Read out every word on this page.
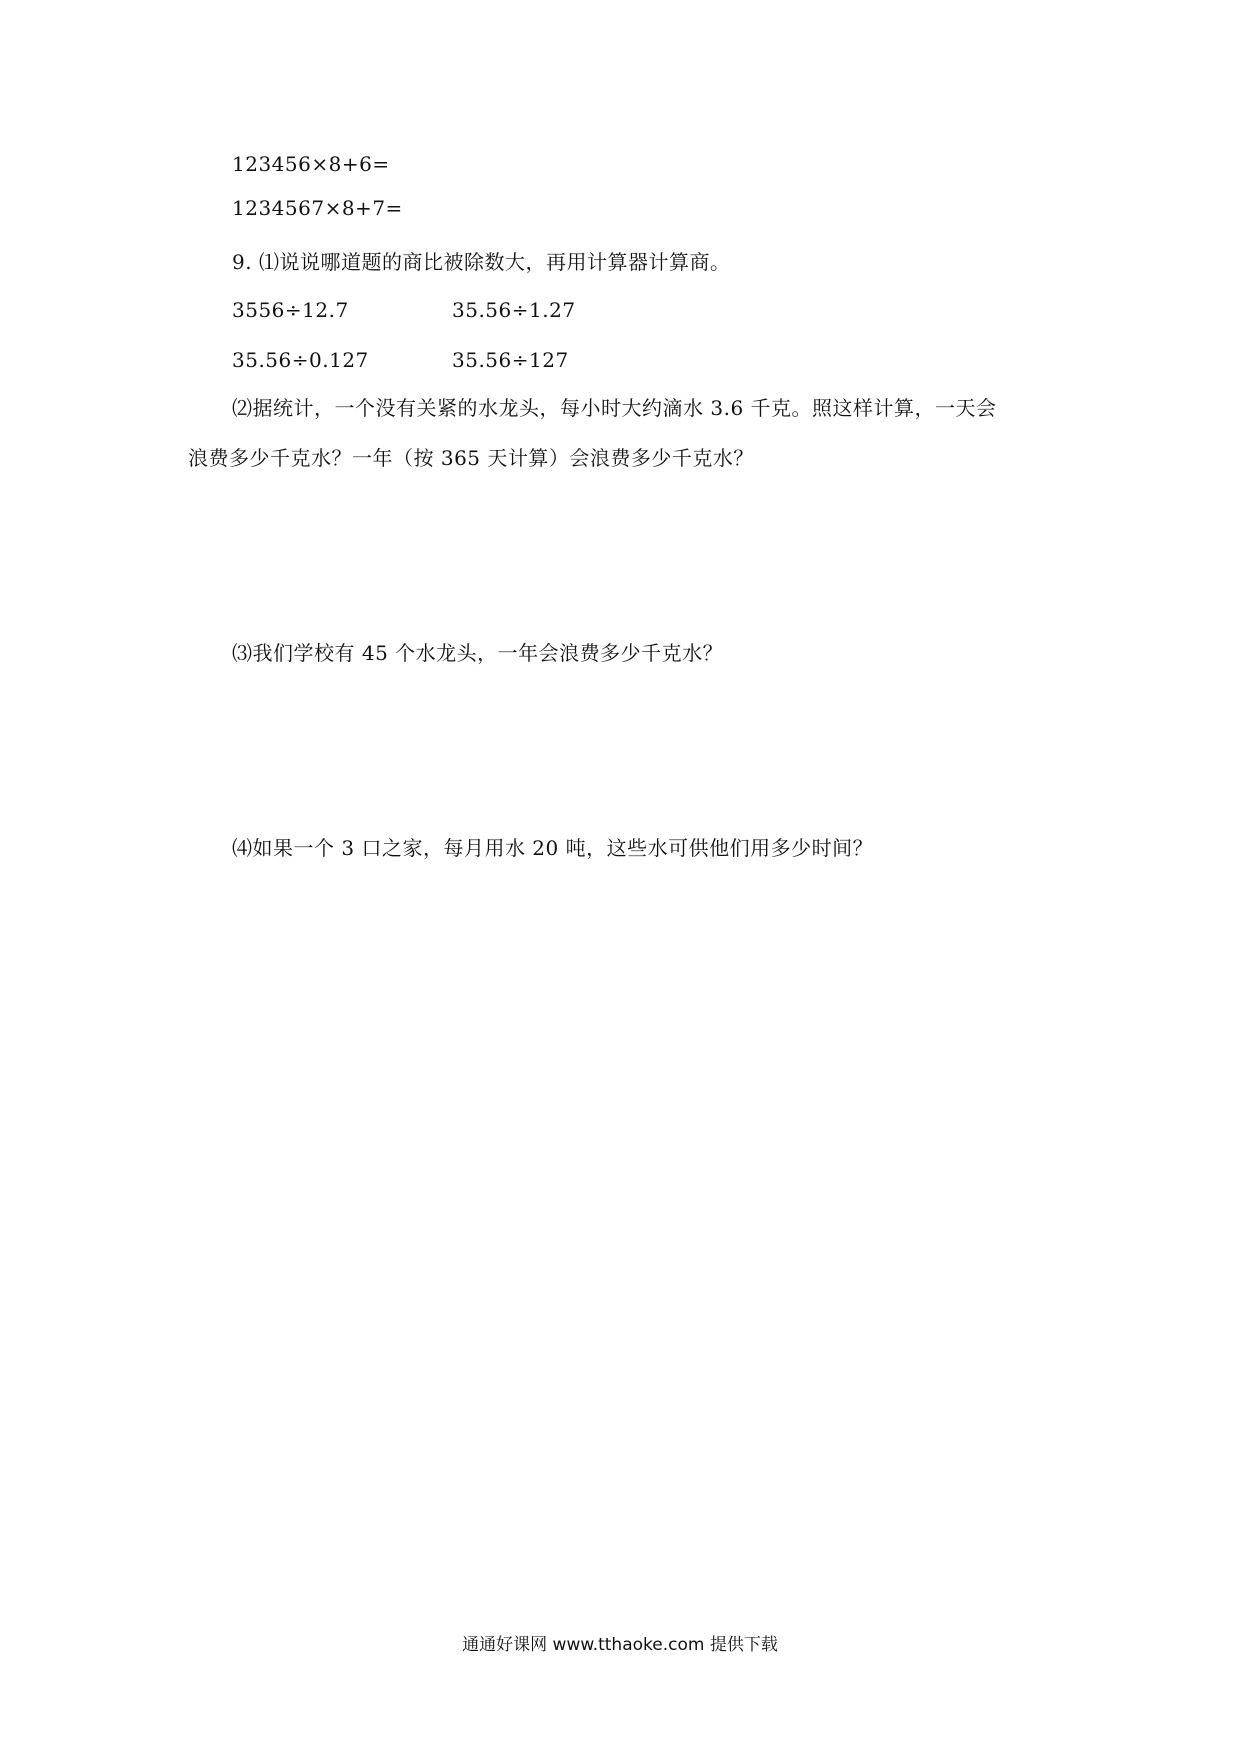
123456×8+6=
1234567×8+7=
9. ⑴说说哪道题的商比被除数大，再用计算器计算商。
3556÷12.7	35.56÷1.27
35.56÷0.127	35.56÷127
⑵据统计，一个没有关紧的水龙头，每小时大约滴水 3.6 千克。照这样计算，一天会
浪费多少千克水？一年（按 365 天计算）会浪费多少千克水？
⑶我们学校有 45 个水龙头，一年会浪费多少千克水？
⑷如果一个 3 口之家，每月用水 20 吨，这些水可供他们用多少时间？
通通好课网 www.tthaoke.com 提供下载
